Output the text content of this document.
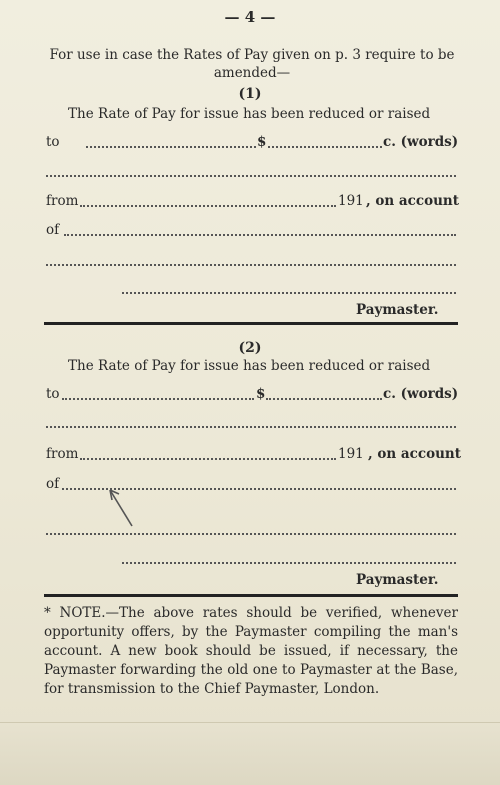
— 4 —
For use in case the Rates of Pay given on p. 3 require to be amended—
(1)
The Rate of Pay for issue has been reduced or raised
to	$	c. (words)
from	191 , on account
of
Paymaster.
(2)
The Rate of Pay for issue has been reduced or raised
to	$	c. (words)
from	191 , on account
of
Paymaster.
* NOTE.—The above rates should be verified, whenever opportunity offers, by the Paymaster compiling the man's account. A new book should be issued, if necessary, the Paymaster forwarding the old one to Paymaster at the Base, for transmission to the Chief Paymaster, London.
